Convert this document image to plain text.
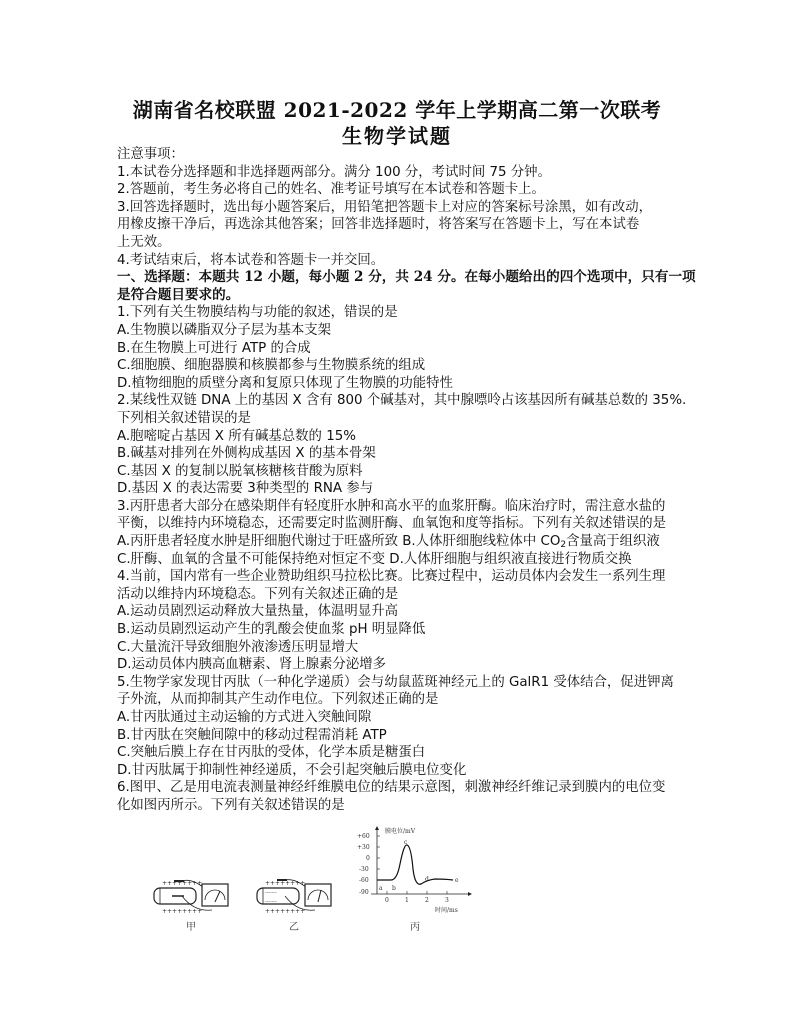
湖南省名校联盟 2021-2022 学年上学期高二第一次联考
生物学试题
注意事项：
1.本试卷分选择题和非选择题两部分。满分 100 分，考试时间 75 分钟。
2.答题前，考生务必将自己的姓名、准考证号填写在本试卷和答题卡上。
3.回答选择题时，选出每小题答案后，用铅笔把答题卡上对应的答案标号涂黑，如有改动，
用橡皮擦干净后，再选涂其他答案；回答非选择题时，将答案写在答题卡上，写在本试卷
上无效。
4.考试结束后，将本试卷和答题卡一并交回。
一、选择题：本题共 12 小题，每小题 2 分，共 24 分。在每小题给出的四个选项中，只有一项
是符合题目要求的。
1.下列有关生物膜结构与功能的叙述，错误的是
A.生物膜以磷脂双分子层为基本支架
B.在生物膜上可进行 ATP 的合成
C.细胞膜、细胞器膜和核膜都参与生物膜系统的组成
D.植物细胞的质壁分离和复原只体现了生物膜的功能特性
2.某线性双链 DNA 上的基因 X 含有 800 个碱基对，其中腺嘌呤占该基因所有碱基总数的 35%.
下列相关叙述错误的是
A.胞嘧啶占基因 X 所有碱基总数的 15%
B.碱基对排列在外侧构成基因 X 的基本骨架
C.基因 X 的复制以脱氧核糖核苷酸为原料
D.基因 X 的表达需要 3种类型的 RNA 参与
3.丙肝患者大部分在感染期伴有轻度肝水肿和高水平的血浆肝酶。临床治疗时，需注意水盐的
平衡，以维持内环境稳态，还需要定时监测肝酶、血氧饱和度等指标。下列有关叙述错误的是
A.丙肝患者轻度水肿是肝细胞代谢过于旺盛所致 B.人体肝细胞线粒体中 $CO_2$含量高于组织液
C.肝酶、血氧的含量不可能保持绝对恒定不变 D.人体肝细胞与组织液直接进行物质交换
4.当前，国内常有一些企业赞助组织马拉松比赛。比赛过程中，运动员体内会发生一系列生理
活动以维持内环境稳态。下列有关叙述正确的是
A.运动员剧烈运动释放大量热量，体温明显升高
B.运动员剧烈运动产生的乳酸会使血浆 pH 明显降低
C.大量流汗导致细胞外液渗透压明显增大
D.运动员体内胰高血糖素、肾上腺素分泌增多
5.生物学家发现甘丙肽（一种化学递质）会与幼鼠蓝斑神经元上的 GalR1 受体结合，促进钾离
子外流，从而抑制其产生动作电位。下列叙述正确的是
A.甘丙肽通过主动运输的方式进入突触间隙
B.甘丙肽在突触间隙中的移动过程需消耗 ATP
C.突触后膜上存在甘丙肽的受体，化学本质是糖蛋白
D.甘丙肽属于抑制性神经递质，不会引起突触后膜电位变化
6.图甲、乙是用电流表测量神经纤维膜电位的结果示意图，刺激神经纤维记录到膜内的电位变
化如图丙所示。下列有关叙述错误的是
++++++++
++++++++
甲
++++++++
-------
-------
++++++++
乙
+60
+30
0
-30
-60
-90
膜电位/mV
0	1	2	3
时间/ms
a b
c
d	e
丙
